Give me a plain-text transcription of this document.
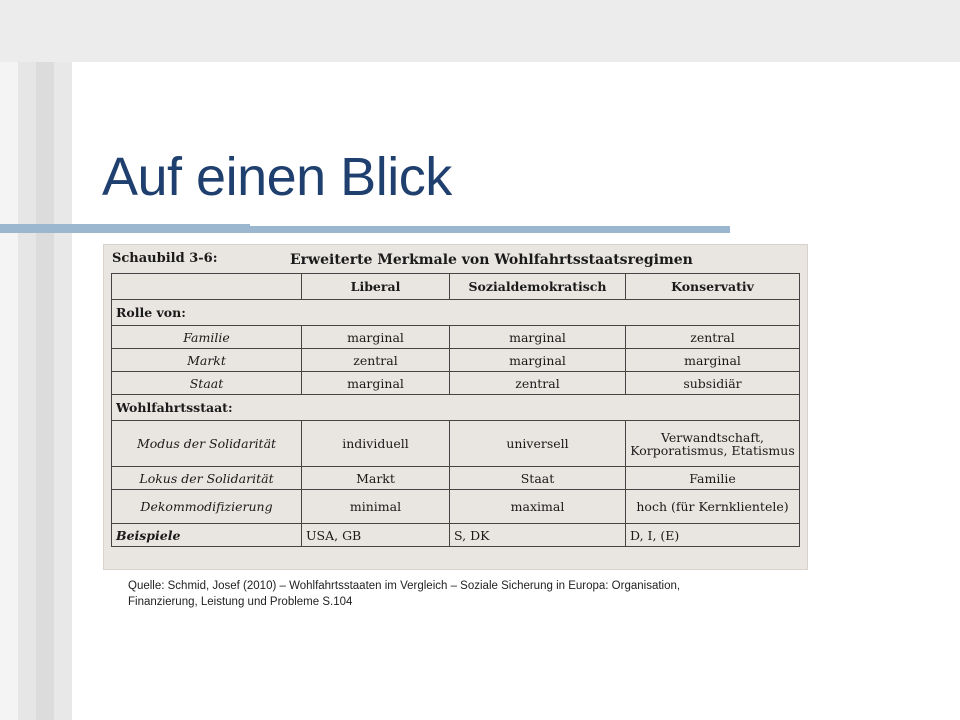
Auf einen Blick
Schaubild 3-6:	Erweiterte Merkmale von Wohlfahrtsstaatsregimen
	Liberal	Sozialdemokratisch	Konservativ
Rolle von:			
Familie	marginal	marginal	zentral
Markt	zentral	marginal	marginal
Staat	marginal	zentral	subsidiär
Wohlfahrtsstaat:			
Modus der Solidarität	individuell	universell	Verwandtschaft, Korporatismus, Etatismus
Lokus der Solidarität	Markt	Staat	Familie
Dekommodifizierung	minimal	maximal	hoch (für Kernklientele)
Beispiele	USA, GB	S, DK	D, I, (E)
Quelle: Schmid, Josef (2010) – Wohlfahrtsstaaten im Vergleich – Soziale Sicherung in Europa: Organisation,
Finanzierung, Leistung und Probleme S.104
